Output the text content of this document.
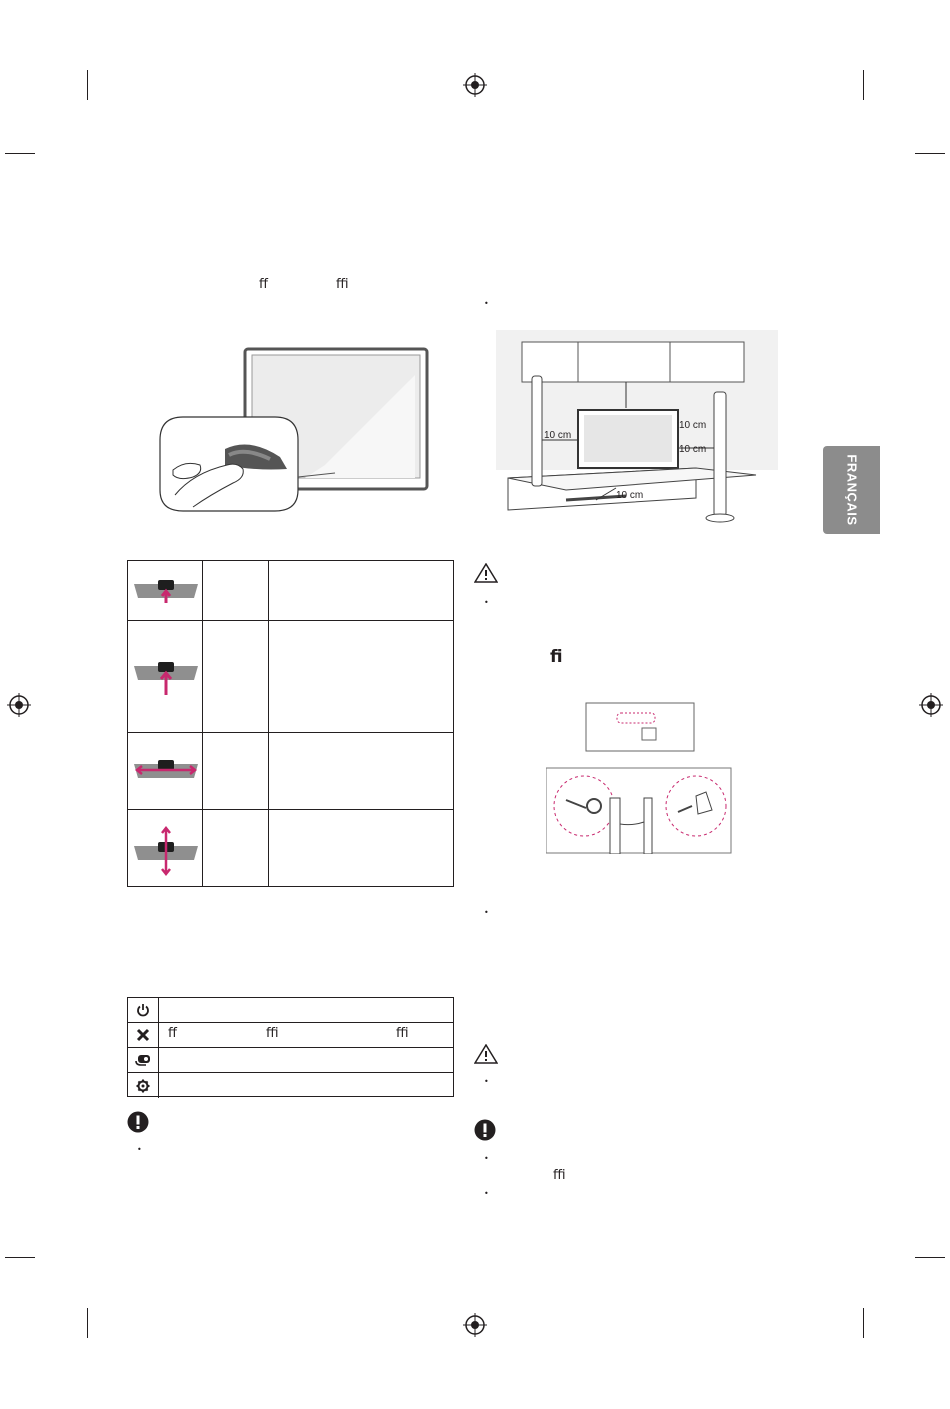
FRANÇAIS
ﬀ	ﬃ
ﬀ	ﬃ	ﬃ
•
•
10 cm
10 cm
10 cm
10 cm
•
ﬁ
•
•
•
ﬃ
•
